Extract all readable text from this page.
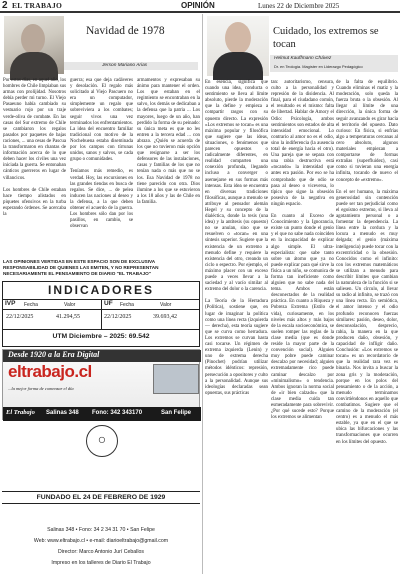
2 EL TRABAJO	OPINIÓN	Lunes 22 de Diciembre 2025
Navidad de 1978
Jerson Mariano Arias
Por estos días, en aquel año, los hombres de Chile limpiaban sus armas con prolijidad. Nosotros debía perder mi turno. El Viejo Pasaeuno había cambiado su vestuario rojo por un traje verde-oliva de combate. En las casas del Sur extremo de Chile se cambiaron los regalos pasados por paquetes de bajas raciones, ... una cesas de Pascua la transformaron en chantas de información acerca de lo que deben hacer los civiles una vez iniciada la guerra. Se entonaban cánticos guerreros en lugar de villancicos.

Los hombres de Chile estaban hace tiempo alistados en piquetes ofensivos en la turba esperando órdenes. Se acercaba la
guerra; esa que deja cadáveres y desolación. El regalo más solicitado al Viejo Pascuero no era un computador, simplemente un regalo que sobreviviera a los combates; seguir vivos una vez terminados los enfrentamientos. La idea del encuentro familiar tradicional con motivo de la Nochebuena estaba diseminada por los campos con tírrunas unidos, sanos y salvos, se cada grupo o comunidades.

Teníamos más remedio, es verdad. Hoy, las excursiones en las grandes tiendas en busca de regalos. Se dice, ... de pelea inducen las naciones al deseo y la defensa, a la que deben obtener el acuerdo de la guerra. Los hombres sólo dan por los pasillos, en cambio, se observan
armamentos y expresaban su ánimo para mantener el orden. Los que estaban en el regimiento se encontraban en la salvo, los demás se dedicaban a la defensa que la patria ... Los mayores, luego de un año, han perdido la forma de su peinado: su única meta es que no les entren a la tercera edad ... con abrazo. ¿Quién se acuerda de los que no tuvieron más opción que resignarse a ser los defensores de las instalaciones, casas y familias de los que no tenían nada o más que no se los. Esa Navidad de 1978 no tiene parecido con otra. Dios ilumine a los que se estuvieron a los 18 años y las de Chile en la familia.
LAS OPINIONES VERTIDAS EN ESTE ESPACIO SON DE EXCLUSIVA RESPONSABILIDAD DE QUIENES LAS EMITEN, Y NO REPRESENTAN NECESARIAMENTE EL PENSAMIENTO DE DIARIO "EL TRABAJO"
INDICADORES
IVP Fecha	Valor	UF Fecha	Valor
22/12/2025	41.294,55	22/12/2025	39.693,42
UTM Diciembre – 2025: 69.542
Desde 1920 a la Era Digital
eltrabajo.cl
...la mejor forma de comenzar el día
El Trabajo Salinas 348 Fono: 342 343170	San Felipe
○
FUNDADO EL 24 DE FEBRERO DE 1929
Salinas 348 • Fono: 34 2 34 31 70 • San Felipe
Web: www.eltrabajo.cl • e-mail: diarioeltrabajo@gmail.com
Director: Marco Antonio Jurí Ceballos
Impreso en los talleres de Diario El Trabajo
Cuidado, los extremos se tocan
Helmut Kauffmann Chávez
Dr. en Teología. Magíster en Liderazgo Pedagógico
En esencia, significa que cuando una idea, conducta o sentimiento se lleva al límite absoluto, pierde la moderación que la define y empieza a compartir rasgos con su opuesto directo. La expresión «Los extremos se tocan» es una máxima popular y filosófica que sugiere que las ideas, situaciones, o fenómenos que parecen opuestos o radicalmente diferentes, en realidad comparten una conexión profunda, llegando incluso a converger o asemejarse en sus formas más intensas. Esta idea se encuentra en diversas tradiciones filosóficas, aunque a menudo se atribuye al pensador alemán Hegel y su concepto de la dialéctica, donde la tesis (una idea) y la antítesis (su opuesto) no se anulan, sino que se resuelven o «tocan» en una síntesis superior. Sugiere que la existencia de un extremo a menudo define y requiere la existencia del otro, creando un ciclo o espectro. Por ejemplo, el máximo placer con un exceso puede a veces llevar a la saciedad y al vacío similar al extremo del dolor o la carencia.

La Teoría de la Herradura (Política), sostiene que, en lugar de imaginar la política como una línea recta (izquierda — derecha), esta teoría sugiere que se curva como herradura. Los extremos se curvan hasta casi tocarse. Un régimen de extrema izquierda (Lenin) y uno de extrema derecha (Pinochet) podrían utilizar métodos idénticos: represión, persecución a opositores y culto a la personalidad. Aunque sus ideologías declaradas sean opuestas, sus prácticas
tan: autoritarismo, censura, culto a la personalidad y represión de la disidencia. Al final, para el ciudadano común, el resultado es el mismo: falta de libertad. Hablar de Amory el Odio: Psicología, ambos sentimientos son estados de alta intensidad emocional. Lo contrario al amor no es el odio, sino la indiferencia (la ausencia total de energía hacia el otro). Una pareja que se separa con una rabia destructiva está «tocando» la intensidad que antes era pasión. Por eso se ha comprobado que de odio se pasa al deseo o viceversa, lo típico que sigue la obsesión posesiva de la negativa en ningún espacio.

En cuanto al Exceso de Conocimiento y la Ignorancia, existe un punto donde el genio y el que no sabe nada coinciden en la incapacidad de explicar algo simple. El ultra-especialista: que sabe tanto sobre un átomo que ya no puede explicar para qué sirve la física a un niño, se comunica de forma tan ineficiente como alguien que no sabe nada del tema. Ambos están desconectados de la realidad práctica. En cuanto a Riqueza y Pobreza Extrema (Estilo de vida), curiosamente, en los niveles más altos y más bajos de la escala socioeconómica, se suelen romper las reglas de la clase media (que es donde reside la mayor parte de la convención social). Alguien muy pobre puede caminar descalzo por necesidad; alguien extremadamente rico puede caminar descalzo por «minimalismo» o tendencia. Ambos ignoran la norma social de «ir bien calzado» que la clase media cuida tan esmeradamente para sobrevivir. ¿Por qué sucede esto? Porque los extremos se alimentan
de la falta de equilibrio. Cuando eliminas el matiz y la moderación, solo queda la fuerza bruta o la obsesión. Al llegar al límite de una dirección, la única forma de seguir avanzando es girar hacia el territorio del opuesto. Dato curioso: En física, si enfrías algo a temperaturas cercanas al cero absoluto, algunos materiales empiezan a comportarse de formas extrañas (superfluidez), casi como si tuvieran una energía infinita, tocando de nuevo el concepto de «extremo».

En el ser humano, la máxima generosidad sin contención puede ser tan perjudicial como el egoísmo extremo, si lleva al agotamiento personal o a fomentar la dependencia. La línea entre la cordura y la locura a menudo es muy delgada; el genio (máxima inteligencia) puede tocar con la excentricidad o la obsesión. Conocidos como el infinito: con los extremos matemáticos se utilizan a menudo para describir límites que cambian la naturaleza de la función si se saliesen. Un círculo, al llevar su radio al infinito, se trazó con una línea recta. En semiótica, el amor intenso y el odio profundo reconocen fuerzas similares: pasión, deseo, dolor, desconsolación, desprecio, rabia, la manera en la que producen daño, obsesión, y capacidad de infligir daño. Conclusión: «Los extremos se tocan» es un recordatorio de que la realidad rara vez es binaria. Nos invita a buscar la zona gris y la moderación, porque en los polos del pensamiento o de la acción, a menudo terminamos convirtiéndonos en aquello que combatimos. Sugiere que el camino de la moderación (el centro) es a menudo el más estable, ya que en el que se ubica las bifurcaciones y las transformaciones que ocurren en los límites del opuesto.
